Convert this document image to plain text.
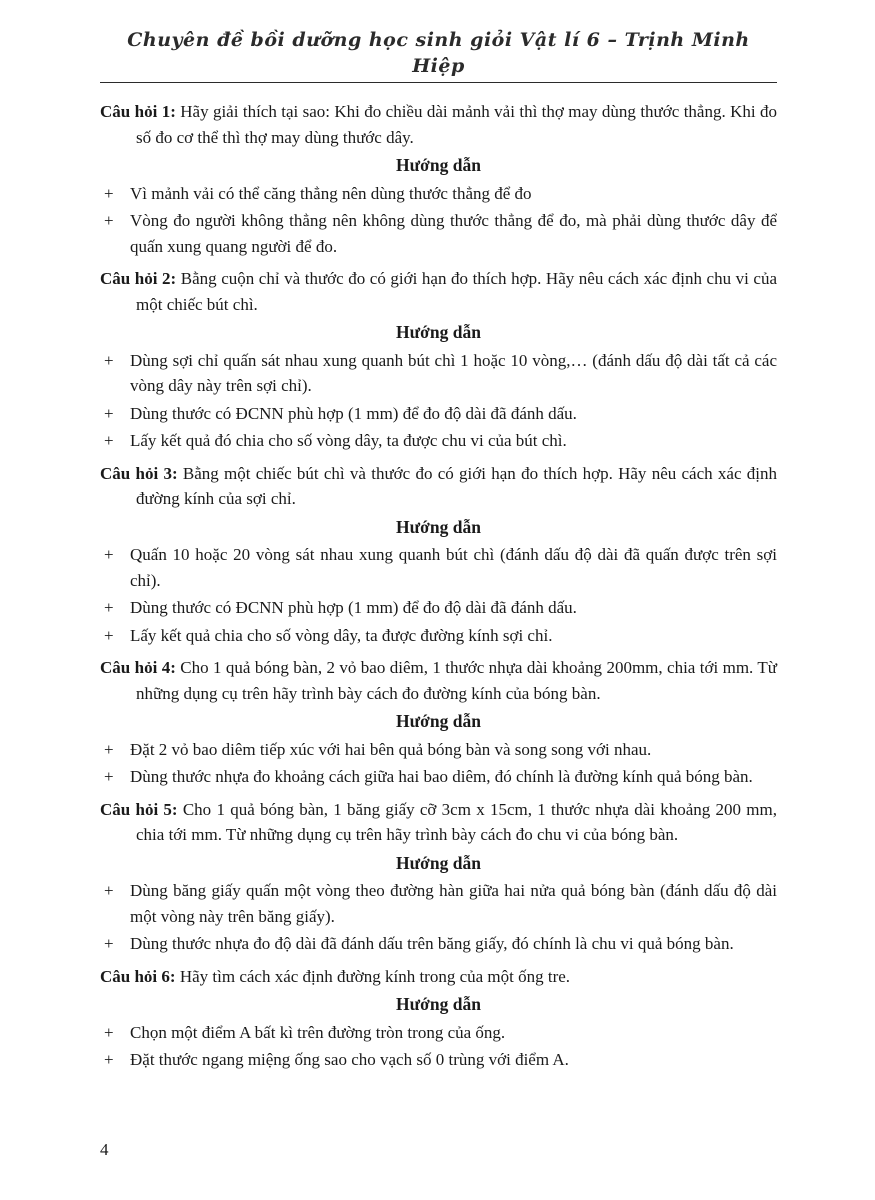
Chuyên đề bồi dưỡng học sinh giỏi Vật lí 6 – Trịnh Minh Hiệp

Câu hỏi 1: Hãy giải thích tại sao: Khi đo chiều dài mảnh vải thì thợ may dùng thước thẳng. Khi đo số đo cơ thể thì thợ may dùng thước dây.

Hướng dẫn

+ Vì mảnh vải có thể căng thẳng nên dùng thước thẳng để đo

+ Vòng đo người không thẳng nên không dùng thước thẳng để đo, mà phải dùng thước dây để quấn xung quang người để đo.

Câu hỏi 2: Bằng cuộn chỉ và thước đo có giới hạn đo thích hợp. Hãy nêu cách xác định chu vi của một chiếc bút chì.

Hướng dẫn

+ Dùng sợi chỉ quấn sát nhau xung quanh bút chì 1 hoặc 10 vòng,… (đánh dấu độ dài tất cả các vòng dây này trên sợi chỉ).

+ Dùng thước có ĐCNN phù hợp (1 mm) để đo độ dài đã đánh dấu.

+ Lấy kết quả đó chia cho số vòng dây, ta được chu vi của bút chì.

Câu hỏi 3: Bằng một chiếc bút chì và thước đo có giới hạn đo thích hợp. Hãy nêu cách xác định đường kính của sợi chỉ.

Hướng dẫn

+ Quấn 10 hoặc 20 vòng sát nhau xung quanh bút chì (đánh dấu độ dài đã quấn được trên sợi chỉ).

+ Dùng thước có ĐCNN phù hợp (1 mm) để đo độ dài đã đánh dấu.

+ Lấy kết quả chia cho số vòng dây, ta được đường kính sợi chỉ.

Câu hỏi 4: Cho 1 quả bóng bàn, 2 vỏ bao diêm, 1 thước nhựa dài khoảng 200mm, chia tới mm. Từ những dụng cụ trên hãy trình bày cách đo đường kính của bóng bàn.

Hướng dẫn

+ Đặt 2 vỏ bao diêm tiếp xúc với hai bên quả bóng bàn và song song với nhau.

+ Dùng thước nhựa đo khoảng cách giữa hai bao diêm, đó chính là đường kính quả bóng bàn.

Câu hỏi 5: Cho 1 quả bóng bàn, 1 băng giấy cỡ 3cm x 15cm, 1 thước nhựa dài khoảng 200 mm, chia tới mm. Từ những dụng cụ trên hãy trình bày cách đo chu vi của bóng bàn.

Hướng dẫn

+ Dùng băng giấy quấn một vòng theo đường hàn giữa hai nửa quả bóng bàn (đánh dấu độ dài một vòng này trên băng giấy).

+ Dùng thước nhựa đo độ dài đã đánh dấu trên băng giấy, đó chính là chu vi quả bóng bàn.

Câu hỏi 6: Hãy tìm cách xác định đường kính trong của một ống tre.

Hướng dẫn

+ Chọn một điểm A bất kì trên đường tròn trong của ống.

+ Đặt thước ngang miệng ống sao cho vạch số 0 trùng với điểm A.

4
